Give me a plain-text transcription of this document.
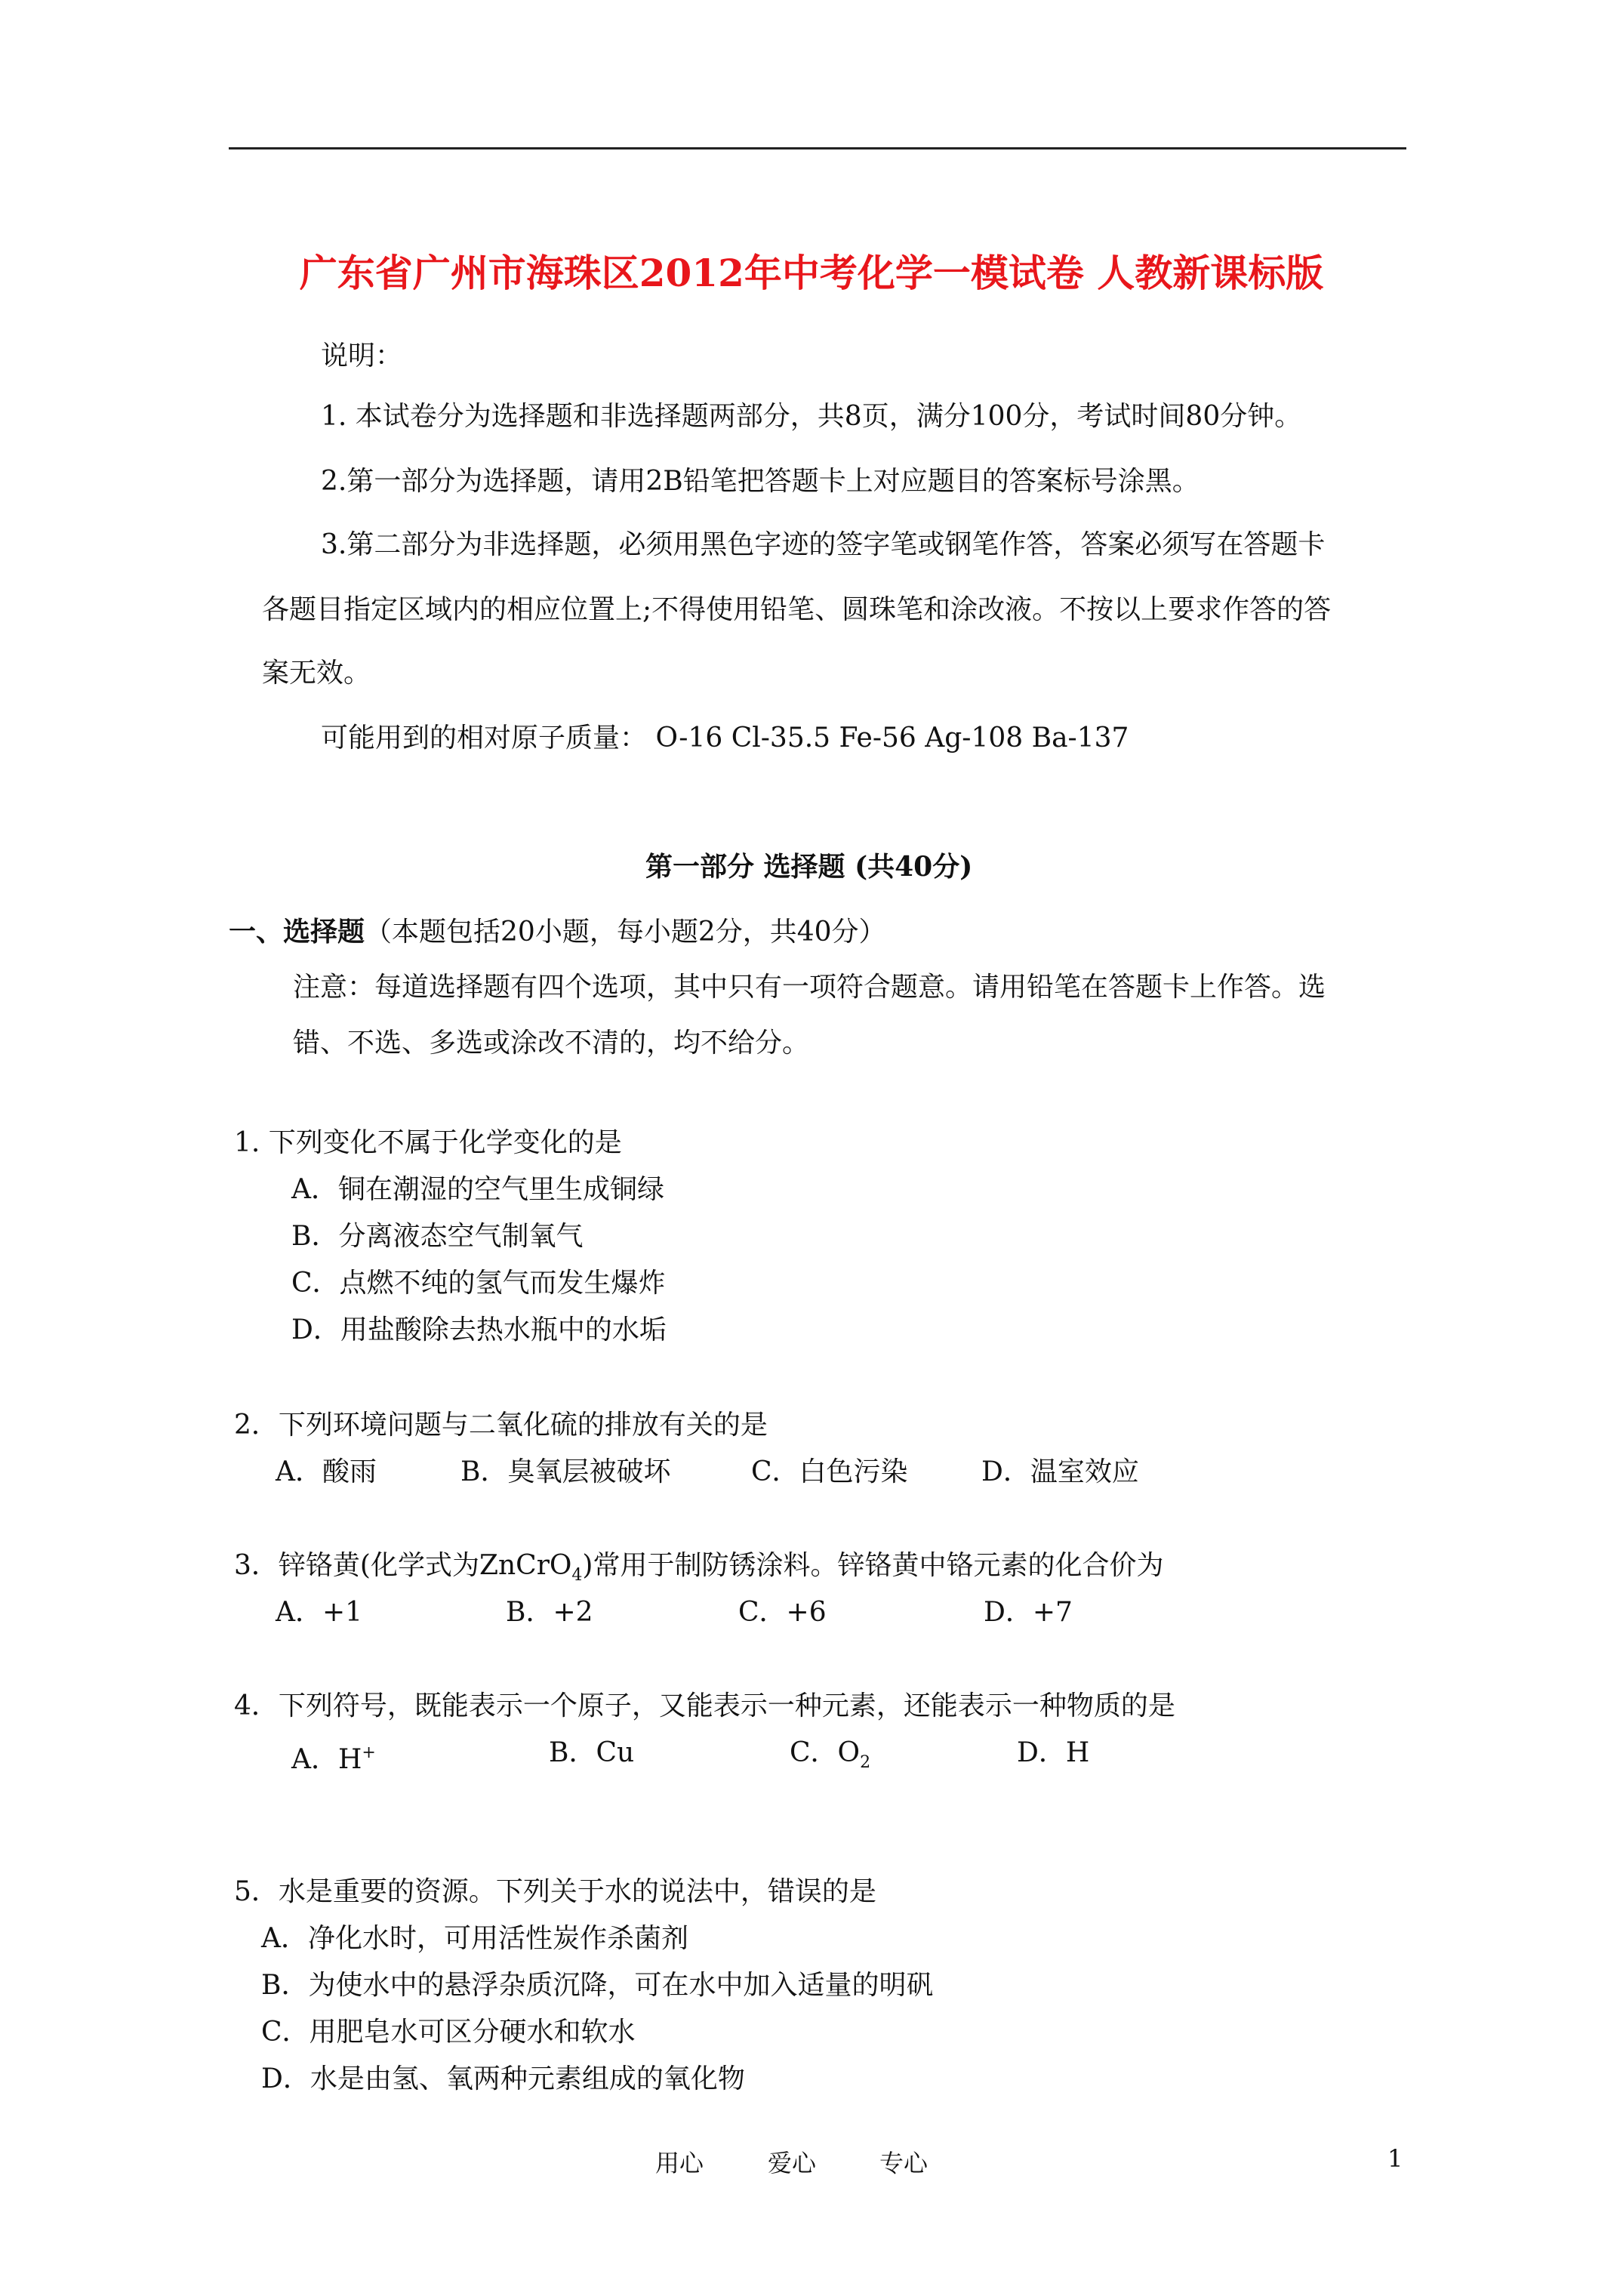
广东省广州市海珠区2012年中考化学一模试卷 人教新课标版
说明：
1. 本试卷分为选择题和非选择题两部分，共8页，满分100分，考试时间80分钟。
2.第一部分为选择题，请用2B铅笔把答题卡上对应题目的答案标号涂黑。
3.第二部分为非选择题，必须用黑色字迹的签字笔或钢笔作答，答案必须写在答题卡
各题目指定区域内的相应位置上;不得使用铅笔、圆珠笔和涂改液。不按以上要求作答的答
案无效。
可能用到的相对原子质量： O-16 Cl-35.5 Fe-56 Ag-108 Ba-137
第一部分 选择题 (共40分)
一、选择题（本题包括20小题，每小题2分，共40分）
注意：每道选择题有四个选项，其中只有一项符合题意。请用铅笔在答题卡上作答。选
错、不选、多选或涂改不清的，均不给分。
1. 下列变化不属于化学变化的是
A．铜在潮湿的空气里生成铜绿
B．分离液态空气制氧气
C．点燃不纯的氢气而发生爆炸
D．用盐酸除去热水瓶中的水垢
2．下列环境问题与二氧化硫的排放有关的是
A．酸雨	B．臭氧层被破坏	C．白色污染	D．温室效应
3．锌铬黄(化学式为ZnCrO$_4$)常用于制防锈涂料。锌铬黄中铬元素的化合价为
A．+1	B．+2	C．+6	D．+7
4．下列符号，既能表示一个原子，又能表示一种元素，还能表示一种物质的是
A．H+	B．Cu	C．$O_2$	D．H
5．水是重要的资源。下列关于水的说法中，错误的是
A．净化水时，可用活性炭作杀菌剂
B．为使水中的悬浮杂质沉降，可在水中加入适量的明矾
C．用肥皂水可区分硬水和软水
D．水是由氢、氧两种元素组成的氧化物
用心	爱心	专心	1
